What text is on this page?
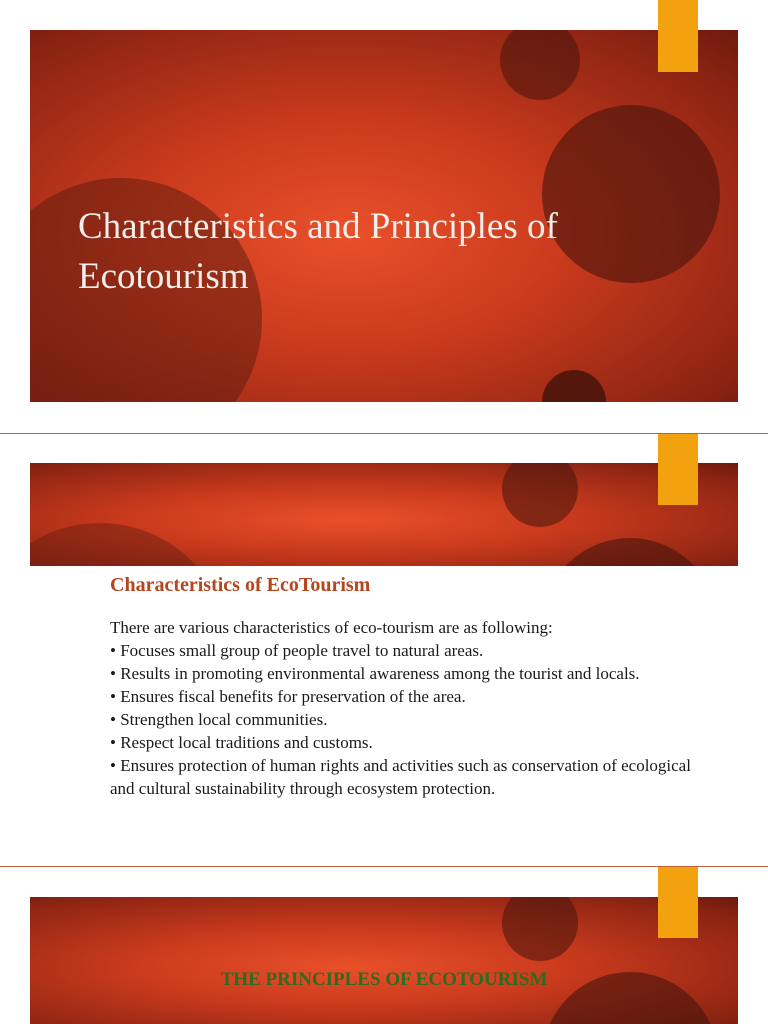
Characteristics and Principles of Ecotourism
Characteristics of EcoTourism

There are various characteristics of eco-tourism are as following:

• Focuses small group of people travel to natural areas.
• Results in promoting environmental awareness among the tourist and locals.
• Ensures fiscal benefits for preservation of the area.
• Strengthen local communities.
• Respect local traditions and customs.
• Ensures protection of human rights and activities such as conservation of ecological and cultural sustainability through ecosystem protection.
THE PRINCIPLES OF ECOTOURISM
